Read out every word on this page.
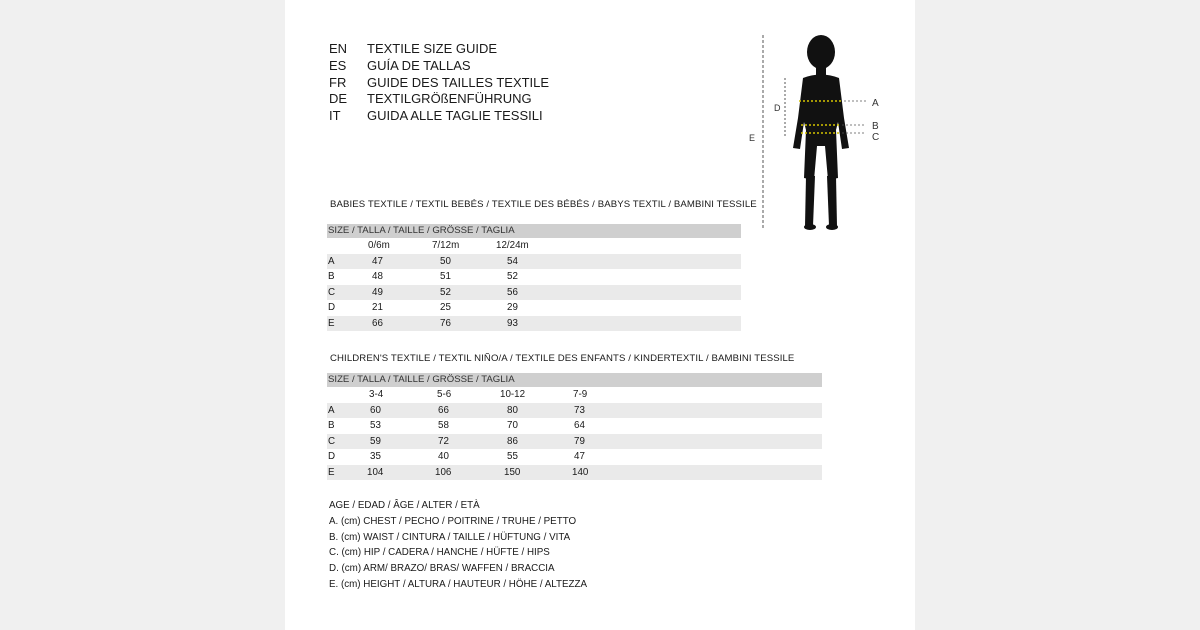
EN	TEXTILE SIZE GUIDE
ES	GUÍA DE TALLAS
FR	GUIDE DES TAILLES TEXTILE
DE	TEXTILGRÖßENFÜHRUNG
IT	GUIDA ALLE TAGLIE TESSILI
BABIES TEXTILE / TEXTIL BEBÉS / TEXTILE DES BÉBÉS / BABYS TEXTIL / BAMBINI TESSILE
SIZE / TALLA / TAILLE / GRÖSSE / TAGLIA
0/6m	7/12m	12/24m
A	47	50	54
B	48	51	52
C	49	52	56
D	21	25	29
E	66	76	93
CHILDREN'S TEXTILE / TEXTIL NIÑO/A / TEXTILE DES ENFANTS / KINDERTEXTIL / BAMBINI TESSILE
SIZE / TALLA / TAILLE / GRÖSSE / TAGLIA
3-4	5-6	10-12	7-9
A	60	66	80	73
B	53	58	70	64
C	59	72	86	79
D	35	40	55	47
E	104	106	150	140
AGE / EDAD / ÂGE / ALTER / ETÀ
A. (cm) CHEST / PECHO / POITRINE / TRUHE / PETTO
B. (cm) WAIST / CINTURA / TAILLE / HÜFTUNG / VITA
C. (cm) HIP / CADERA / HANCHE / HÜFTE / HIPS
D. (cm) ARM/ BRAZO/ BRAS/ WAFFEN / BRACCIA
E. (cm) HEIGHT / ALTURA / HAUTEUR / HÖHE / ALTEZZA
E
D	A
B
C
